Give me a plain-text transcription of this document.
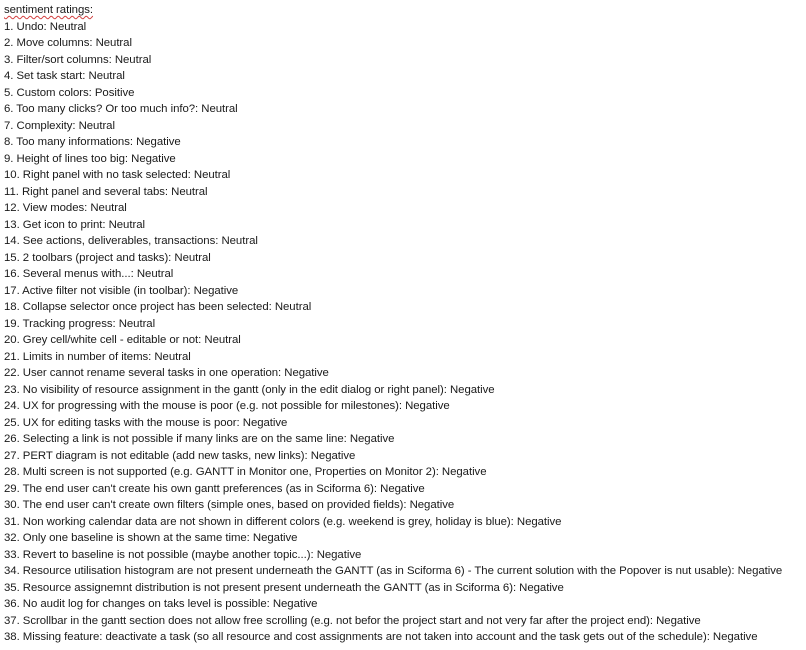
sentiment ratings:
1. Undo: Neutral
2. Move columns: Neutral
3. Filter/sort columns: Neutral
4. Set task start: Neutral
5. Custom colors: Positive
6. Too many clicks? Or too much info?: Neutral
7. Complexity: Neutral
8. Too many informations: Negative
9. Height of lines too big: Negative
10. Right panel with no task selected: Neutral
11. Right panel and several tabs: Neutral
12. View modes: Neutral
13. Get icon to print: Neutral
14. See actions, deliverables, transactions: Neutral
15. 2 toolbars (project and tasks): Neutral
16. Several menus with...: Neutral
17. Active filter not visible (in toolbar): Negative
18. Collapse selector once project has been selected: Neutral
19. Tracking progress: Neutral
20. Grey cell/white cell - editable or not: Neutral
21. Limits in number of items: Neutral
22. User cannot rename several tasks in one operation: Negative
23. No visibility of resource assignment in the gantt (only in the edit dialog or right panel): Negative
24. UX for progressing with the mouse is poor (e.g. not possible for milestones): Negative
25. UX for editing tasks with the mouse is poor: Negative
26. Selecting a link is not possible if many links are on the same line: Negative
27. PERT diagram is not editable (add new tasks, new links): Negative
28. Multi screen is not supported (e.g. GANTT in Monitor one, Properties on Monitor 2): Negative
29. The end user can't create his own gantt preferences (as in Sciforma 6): Negative
30. The end user can't create own filters (simple ones, based on provided fields): Negative
31. Non working calendar data are not shown in different colors (e.g. weekend is grey, holiday is blue): Negative
32. Only one baseline is shown at the same time: Negative
33. Revert to baseline is not possible (maybe another topic...): Negative
34. Resource utilisation histogram are not present underneath the GANTT (as in Sciforma 6) - The current solution with the Popover is nut usable): Negative
35. Resource assignemnt distribution is not present present underneath the GANTT (as in Sciforma 6): Negative
36. No audit log for changes on taks level is possible: Negative
37. Scrollbar in the gantt section does not allow free scrolling (e.g. not befor the project start and not very far after the project end): Negative
38. Missing feature: deactivate a task (so all resource and cost assignments are not taken into account and the task gets out of the schedule): Negative
